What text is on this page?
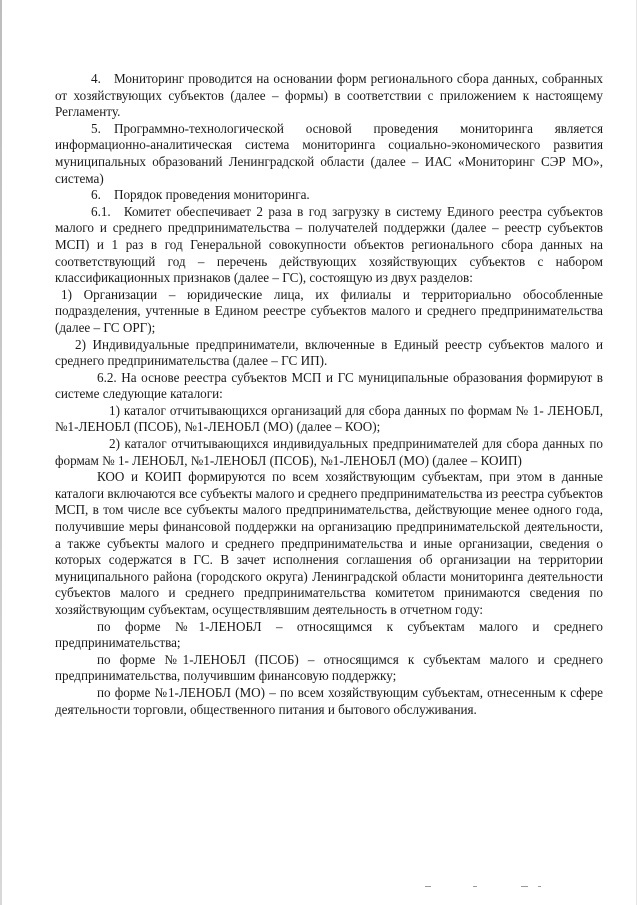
4. Мониторинг проводится на основании форм регионального сбора данных, собранных от хозяйствующих субъектов (далее – формы) в соответствии с приложением к настоящему Регламенту.

5. Программно-технологической основой проведения мониторинга является информационно-аналитическая система мониторинга социально-экономического развития муниципальных образований Ленинградской области (далее – ИАС «Мониторинг СЭР МО», система)

6. Порядок проведения мониторинга.

6.1. Комитет обеспечивает 2 раза в год загрузку в систему Единого реестра субъектов малого и среднего предпринимательства – получателей поддержки (далее – реестр субъектов МСП) и 1 раз в год Генеральной совокупности объектов регионального сбора данных на соответствующий год – перечень действующих хозяйствующих субъектов с набором классификационных признаков (далее – ГС), состоящую из двух разделов:

1) Организации – юридические лица, их филиалы и территориально обособленные подразделения, учтенные в Едином реестре субъектов малого и среднего предпринимательства (далее – ГС ОРГ);

2) Индивидуальные предприниматели, включенные в Единый реестр субъектов малого и среднего предпринимательства (далее – ГС ИП).

6.2. На основе реестра субъектов МСП и ГС муниципальные образования формируют в системе следующие каталоги:

1) каталог отчитывающихся организаций для сбора данных по формам № 1- ЛЕНОБЛ, №1-ЛЕНОБЛ (ПСОБ), №1-ЛЕНОБЛ (МО) (далее – КОО);

2) каталог отчитывающихся индивидуальных предпринимателей для сбора данных по формам № 1- ЛЕНОБЛ, №1-ЛЕНОБЛ (ПСОБ), №1-ЛЕНОБЛ (МО) (далее – КОИП)

КОО и КОИП формируются по всем хозяйствующим субъектам, при этом в данные каталоги включаются все субъекты малого и среднего предпринимательства из реестра субъектов МСП, в том числе все субъекты малого предпринимательства, действующие менее одного года, получившие меры финансовой поддержки на организацию предпринимательской деятельности, а также субъекты малого и среднего предпринимательства и иные организации, сведения о которых содержатся в ГС. В зачет исполнения соглашения об организации на территории муниципального района (городского округа) Ленинградской области мониторинга деятельности субъектов малого и среднего предпринимательства комитетом принимаются сведения по хозяйствующим субъектам, осуществлявшим деятельность в отчетном году:

по форме №1-ЛЕНОБЛ – относящимся к субъектам малого и среднего предпринимательства;

по форме №1-ЛЕНОБЛ (ПСОБ) – относящимся к субъектам малого и среднего предпринимательства, получившим финансовую поддержку;

по форме №1-ЛЕНОБЛ (МО) – по всем хозяйствующим субъектам, отнесенным к сфере деятельности торговли, общественного питания и бытового обслуживания.
